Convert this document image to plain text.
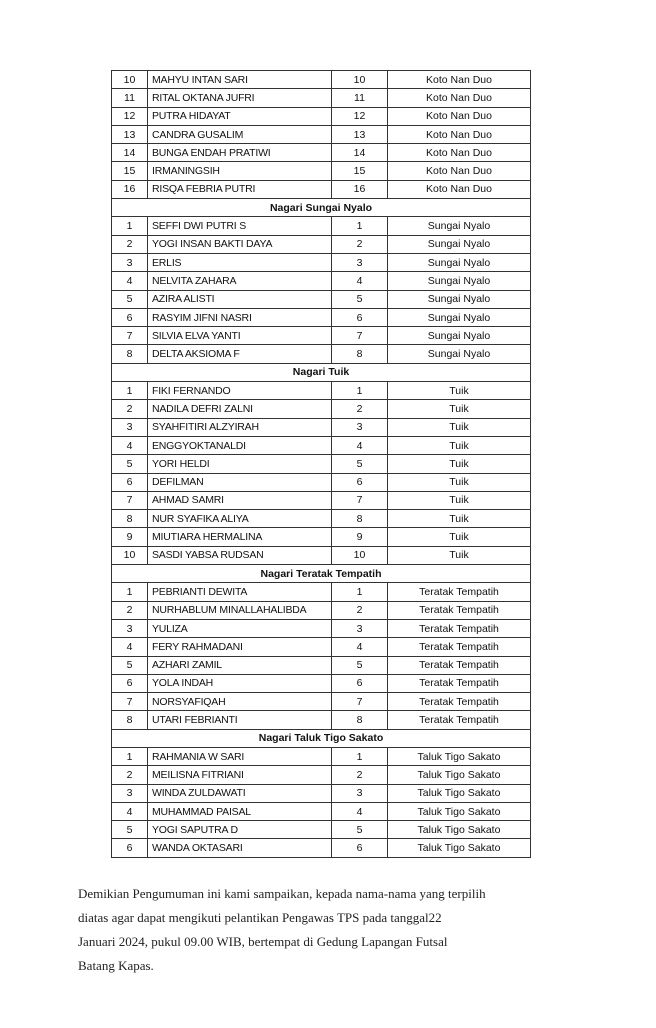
10	MAHYU INTAN SARI	10	Koto Nan Duo
11	RITAL OKTANA JUFRI	11	Koto Nan Duo
12	PUTRA HIDAYAT	12	Koto Nan Duo
13	CANDRA GUSALIM	13	Koto Nan Duo
14	BUNGA ENDAH PRATIWI	14	Koto Nan Duo
15	IRMANINGSIH	15	Koto Nan Duo
16	RISQA FEBRIA PUTRI	16	Koto Nan Duo
Nagari Sungai Nyalo			
1	SEFFI DWI PUTRI S	1	Sungai Nyalo
2	YOGI INSAN BAKTI DAYA	2	Sungai Nyalo
3	ERLIS	3	Sungai Nyalo
4	NELVITA ZAHARA	4	Sungai Nyalo
5	AZIRA ALISTI	5	Sungai Nyalo
6	RASYIM JIFNI NASRI	6	Sungai Nyalo
7	SILVIA ELVA YANTI	7	Sungai Nyalo
8	DELTA AKSIOMA F	8	Sungai Nyalo
Nagari Tuik			
1	FIKI FERNANDO	1	Tuik
2	NADILA DEFRI ZALNI	2	Tuik
3	SYAHFITIRI ALZYIRAH	3	Tuik
4	ENGGYOKTANALDI	4	Tuik
5	YORI HELDI	5	Tuik
6	DEFILMAN	6	Tuik
7	AHMAD SAMRI	7	Tuik
8	NUR SYAFIKA ALIYA	8	Tuik
9	MIUTIARA HERMALINA	9	Tuik
10	SASDI YABSA RUDSAN	10	Tuik
Nagari Teratak Tempatih			
1	PEBRIANTI DEWITA	1	Teratak Tempatih
2	NURHABLUM MINALLAHALIBDA	2	Teratak Tempatih
3	YULIZA	3	Teratak Tempatih
4	FERY RAHMADANI	4	Teratak Tempatih
5	AZHARI ZAMIL	5	Teratak Tempatih
6	YOLA INDAH	6	Teratak Tempatih
7	NORSYAFIQAH	7	Teratak Tempatih
8	UTARI FEBRIANTI	8	Teratak Tempatih
Nagari Taluk Tigo Sakato			
1	RAHMANIA W SARI	1	Taluk Tigo Sakato
2	MEILISNA FITRIANI	2	Taluk Tigo Sakato
3	WINDA ZULDAWATI	3	Taluk Tigo Sakato
4	MUHAMMAD PAISAL	4	Taluk Tigo Sakato
5	YOGI SAPUTRA D	5	Taluk Tigo Sakato
6	WANDA OKTASARI	6	Taluk Tigo Sakato
Demikian Pengumuman ini kami sampaikan, kepada nama-nama yang terpilih
diatas agar dapat mengikuti pelantikan Pengawas TPS pada tanggal22
Januari 2024, pukul 09.00 WIB, bertempat di Gedung Lapangan Futsal
Batang Kapas.
